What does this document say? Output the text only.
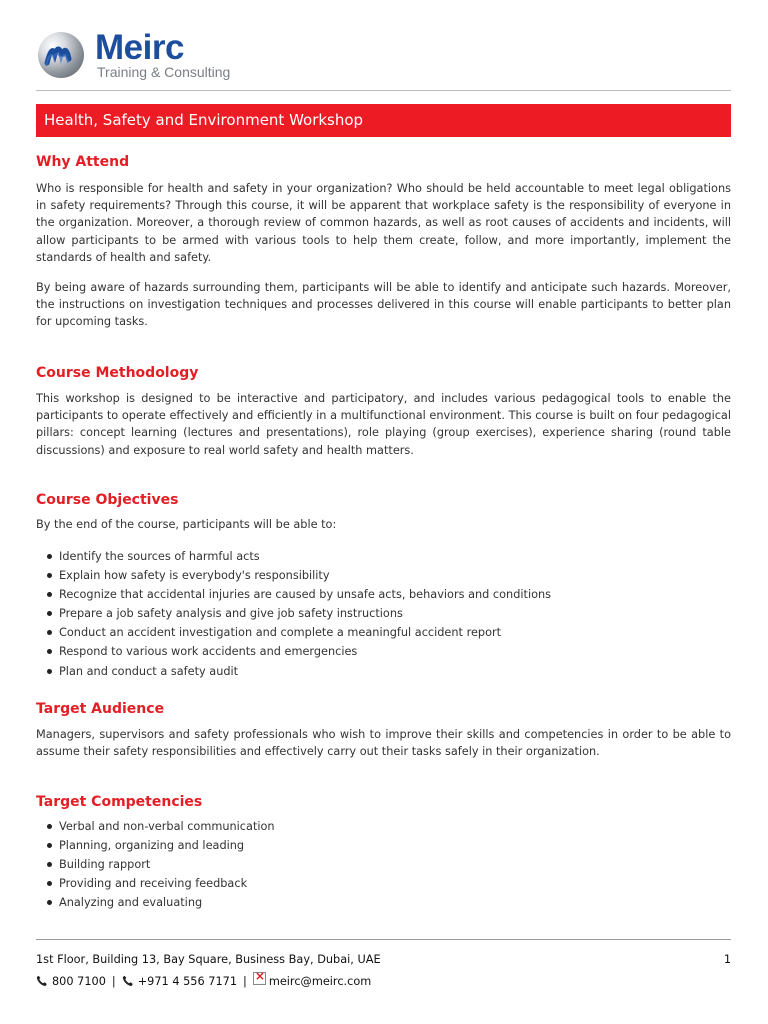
Meirc
Training & Consulting
Health, Safety and Environment Workshop
Why Attend

Who is responsible for health and safety in your organization? Who should be held accountable to meet legal obligations in safety requirements? Through this course, it will be apparent that workplace safety is the responsibility of everyone in the organization. Moreover, a thorough review of common hazards, as well as root causes of accidents and incidents, will allow participants to be armed with various tools to help them create, follow, and more importantly, implement the standards of health and safety.

By being aware of hazards surrounding them, participants will be able to identify and anticipate such hazards. Moreover, the instructions on investigation techniques and processes delivered in this course will enable participants to better plan for upcoming tasks.

Course Methodology

This workshop is designed to be interactive and participatory, and includes various pedagogical tools to enable the participants to operate effectively and efficiently in a multifunctional environment. This course is built on four pedagogical pillars: concept learning (lectures and presentations), role playing (group exercises), experience sharing (round table discussions) and exposure to real world safety and health matters.

Course Objectives

By the end of the course, participants will be able to:

Identify the sources of harmful acts
Explain how safety is everybody's responsibility
Recognize that accidental injuries are caused by unsafe acts, behaviors and conditions
Prepare a job safety analysis and give job safety instructions
Conduct an accident investigation and complete a meaningful accident report
Respond to various work accidents and emergencies
Plan and conduct a safety audit
Target Audience

Managers, supervisors and safety professionals who wish to improve their skills and competencies in order to be able to assume their safety responsibilities and effectively carry out their tasks safely in their organization.

Target Competencies
Verbal and non-verbal communication
Planning, organizing and leading
Building rapport
Providing and receiving feedback
Analyzing and evaluating
1st Floor, Building 13, Bay Square, Business Bay, Dubai, UAE	1
800 7100 | +971 4 556 7171 |× meirc@meirc.com
